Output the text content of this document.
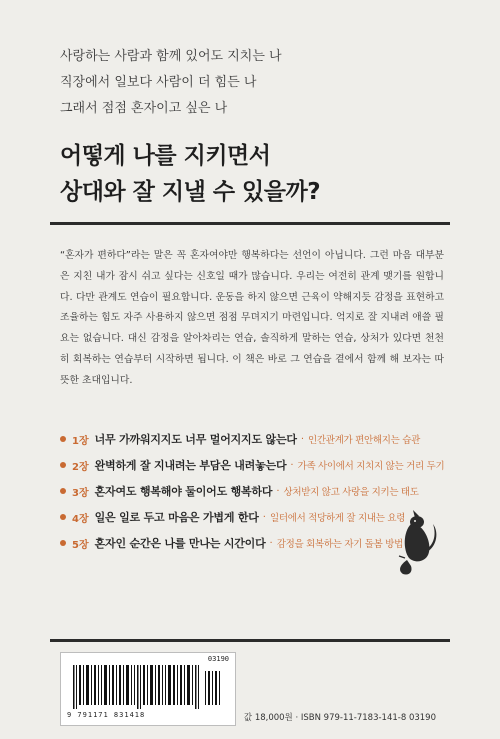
사랑하는 사람과 함께 있어도 지치는 나
직장에서 일보다 사람이 더 힘든 나
그래서 점점 혼자이고 싶은 나
어떻게 나를 지키면서
상대와 잘 지낼 수 있을까?
“혼자가 편하다”라는 말은 꼭 혼자여야만 행복하다는 선언이 아닙니다. 그런 마음 대부분은 지친 내가 잠시 쉬고 싶다는 신호일 때가 많습니다. 우리는 여전히 관계 맺기를 원합니다. 다만 관계도 연습이 필요합니다. 운동을 하지 않으면 근육이 약해지듯 감정을 표현하고 조율하는 힘도 자주 사용하지 않으면 점점 무뎌지기 마련입니다. 억지로 잘 지내려 애쓸 필요는 없습니다. 대신 감정을 알아차리는 연습, 솔직하게 말하는 연습, 상처가 있다면 천천히 회복하는 연습부터 시작하면 됩니다. 이 책은 바로 그 연습을 곁에서 함께 해 보자는 따뜻한 초대입니다.
1장 너무 가까워지지도 너무 멀어지지도 않는다 · 인간관계가 편안해지는 습관
2장 완벽하게 잘 지내려는 부담은 내려놓는다 · 가족 사이에서 지치지 않는 거리 두기
3장 혼자여도 행복해야 둘이어도 행복하다 · 상처받지 않고 사랑을 지키는 태도
4장 일은 일로 두고 마음은 가볍게 한다 · 일터에서 적당하게 잘 지내는 요령
5장 혼자인 순간은 나를 만나는 시간이다 · 감정을 회복하는 자기 돌봄 방법
03190
9 791171 831418	값 18,000원 · ISBN 979-11-7183-141-8 03190
